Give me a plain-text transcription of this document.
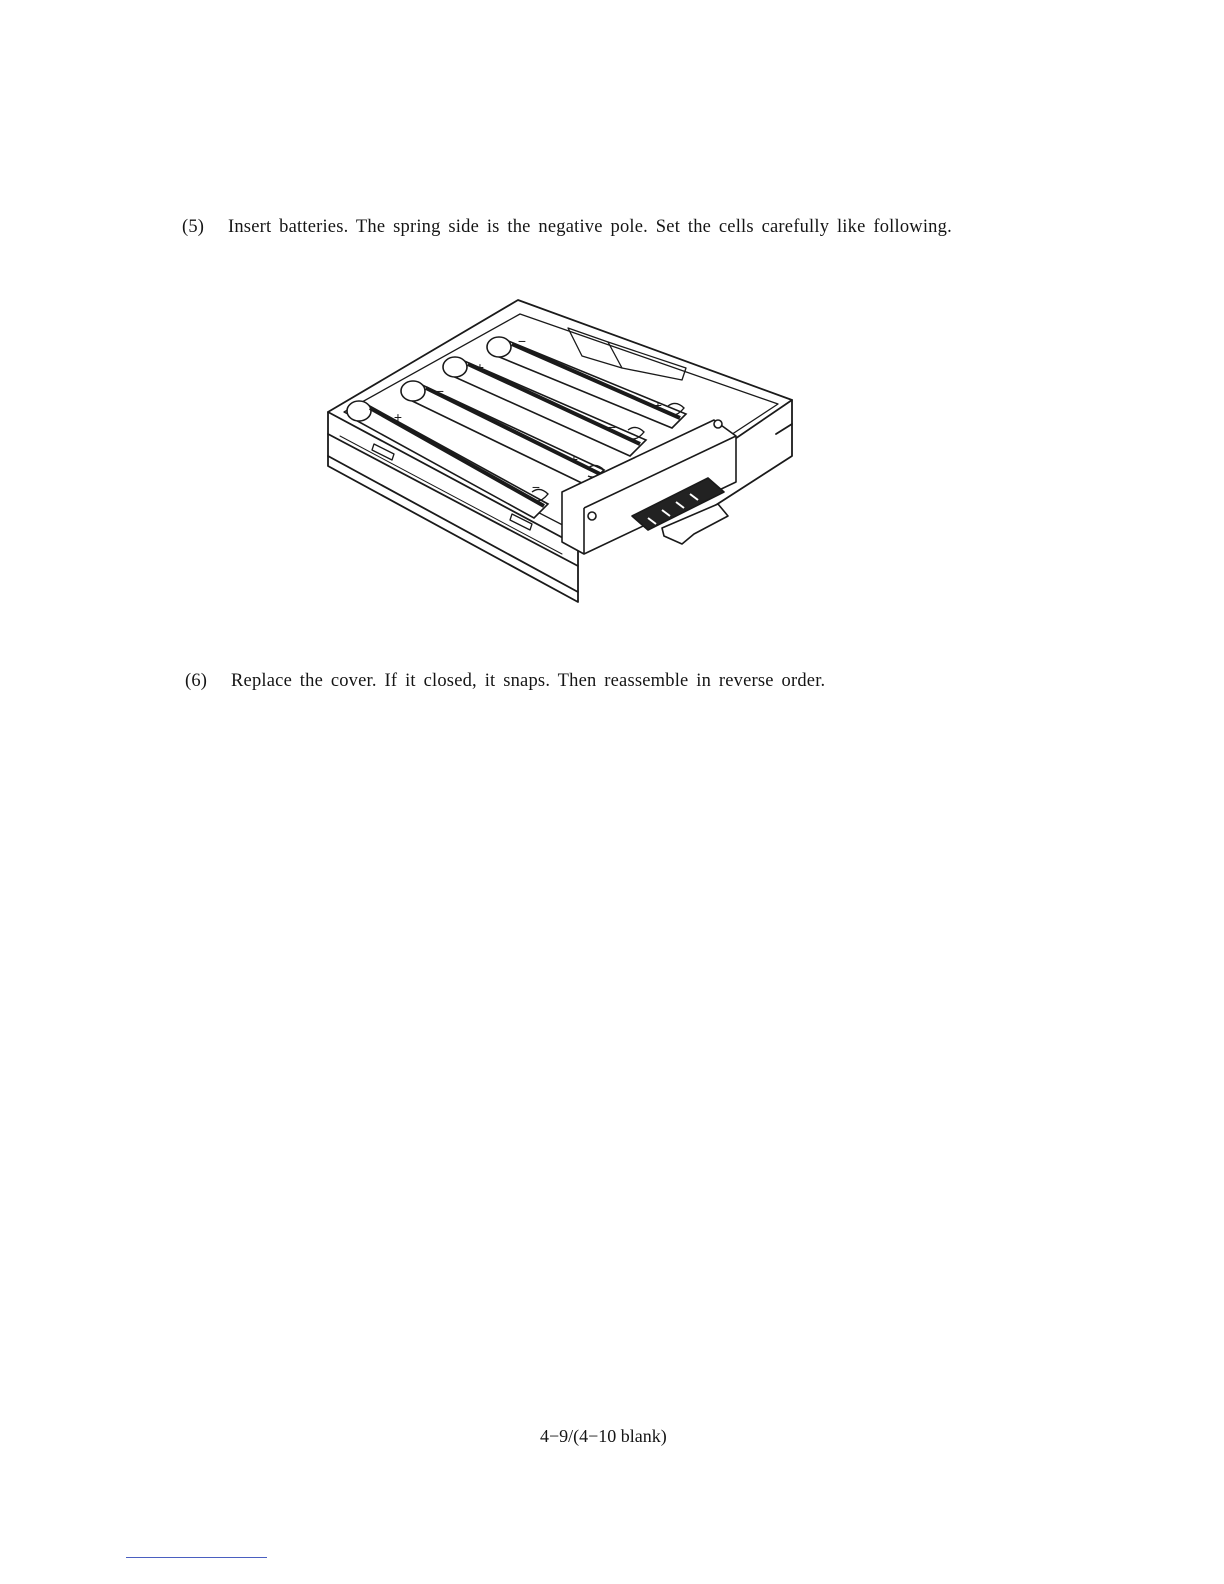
(5) Insert batteries. The spring side is the negative pole. Set the cells carefully like following.
+
−
+
−
−
+
−
+
(6) Replace the cover. If it closed, it snaps. Then reassemble in reverse order.
4−9/(4−10 blank)
